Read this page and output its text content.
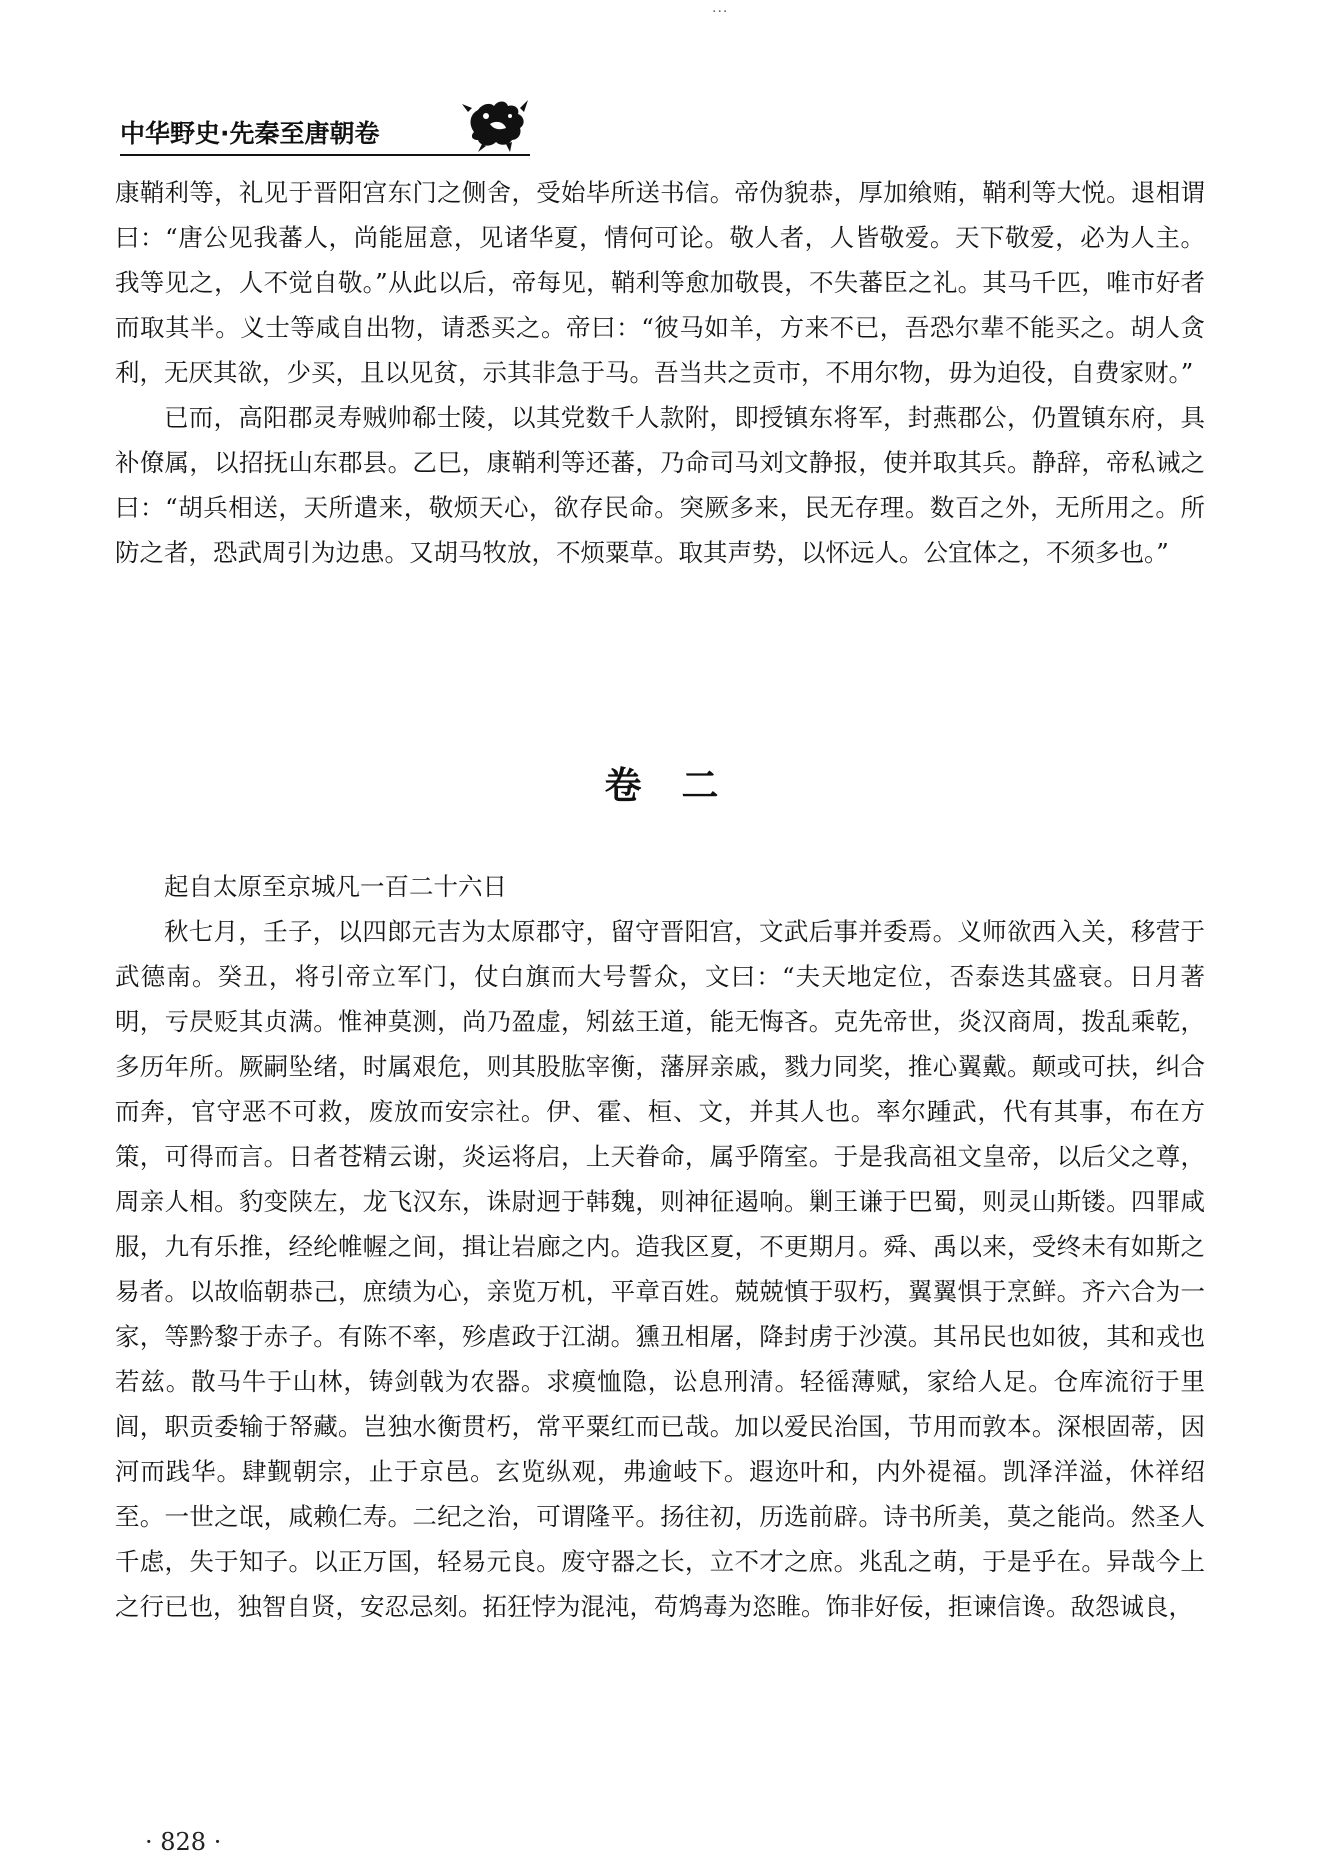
···
中华野史·先秦至唐朝卷

康鞘利等，礼见于晋阳宫东门之侧舍，受始毕所送书信。帝伪貌恭，厚加飨贿，鞘利等大悦。退相谓曰：“唐公见我蕃人，尚能屈意，见诸华夏，情何可论。敬人者，人皆敬爱。天下敬爱，必为人主。我等见之，人不觉自敬。”从此以后，帝每见，鞘利等愈加敬畏，不失蕃臣之礼。其马千匹，唯市好者而取其半。义士等咸自出物，请悉买之。帝曰：“彼马如羊，方来不已，吾恐尔辈不能买之。胡人贪利，无厌其欲，少买，且以见贫，示其非急于马。吾当共之贡市，不用尔物，毋为迫役，自费家财。”

已而，高阳郡灵寿贼帅郗士陵，以其党数千人款附，即授镇东将军，封燕郡公，仍置镇东府，具补僚属，以招抚山东郡县。乙巳，康鞘利等还蕃，乃命司马刘文静报，使并取其兵。静辞，帝私诫之曰：“胡兵相送，天所遣来，敬烦天心，欲存民命。突厥多来，民无存理。数百之外，无所用之。所防之者，恐武周引为边患。又胡马牧放，不烦粟草。取其声势，以怀远人。公宜体之，不须多也。”

卷二

起自太原至京城凡一百二十六日

秋七月，壬子，以四郎元吉为太原郡守，留守晋阳宫，文武后事并委焉。义师欲西入关，移营于武德南。癸丑，将引帝立军门，仗白旗而大号誓众，文曰：“夫天地定位，否泰迭其盛衰。日月著明，亏昃贬其贞满。惟神莫测，尚乃盈虚，矧兹王道，能无悔吝。克先帝世，炎汉商周，拨乱乘乾，多历年所。厥嗣坠绪，时属艰危，则其股肱宰衡，藩屏亲戚，戮力同奖，推心翼戴。颠或可扶，纠合而奔，官守恶不可救，废放而安宗社。伊、霍、桓、文，并其人也。率尔踵武，代有其事，布在方策，可得而言。日者苍精云谢，炎运将启，上天眷命，属乎隋室。于是我高祖文皇帝，以后父之尊，周亲人相。豹变陕左，龙飞汉东，诛尉迥于韩魏，则神征遏响。剿王谦于巴蜀，则灵山斯镂。四罪咸服，九有乐推，经纶帷幄之间，揖让岩廊之内。造我区夏，不更期月。舜、禹以来，受终未有如斯之易者。以故临朝恭己，庶绩为心，亲览万机，平章百姓。兢兢慎于驭朽，翼翼惧于烹鲜。齐六合为一家，等黔黎于赤子。有陈不率，殄虐政于江湖。獯丑相屠，降封虏于沙漠。其吊民也如彼，其和戎也若兹。散马牛于山林，铸剑戟为农器。求瘼恤隐，讼息刑清。轻徭薄赋，家给人足。仓库流衍于里闾，职贡委输于帑藏。岂独水衡贯朽，常平粟红而已哉。加以爱民治国，节用而敦本。深根固蒂，因河而践华。肆觐朝宗，止于京邑。玄览纵观，弗逾岐下。遐迩叶和，内外禔福。凯泽洋溢，休祥绍至。一世之氓，咸赖仁寿。二纪之治，可谓隆平。扬往初，历选前辟。诗书所美，莫之能尚。然圣人千虑，失于知子。以正万国，轻易元良。废守器之长，立不才之庶。兆乱之萌，于是乎在。异哉今上之行已也，独智自贤，安忍忌刻。拓狂悖为混沌，苟鸩毒为恣睢。饰非好佞，拒谏信谗。敌怨诚良，

· 828 ·
